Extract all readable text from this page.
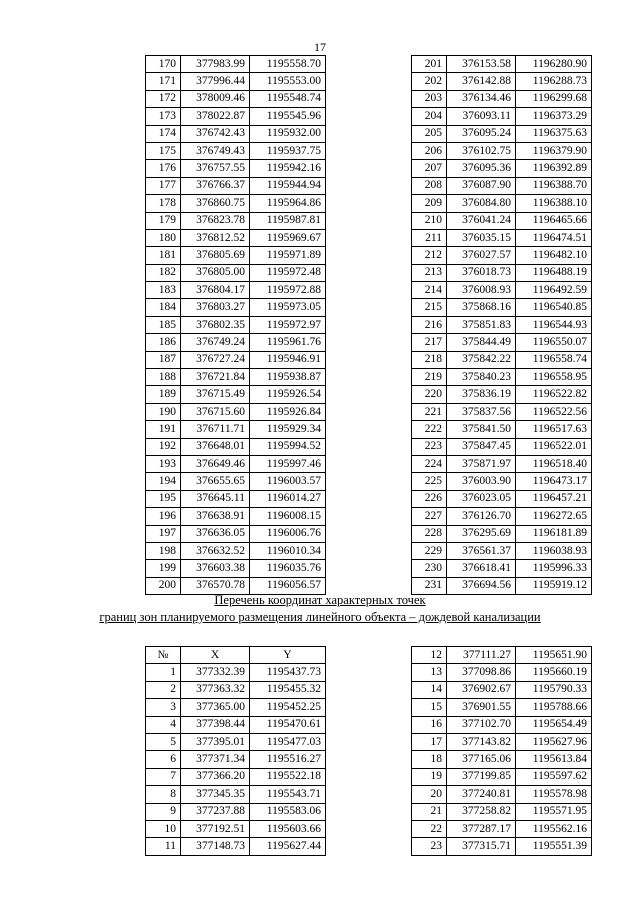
17
170	377983.99	1195558.70
171	377996.44	1195553.00
172	378009.46	1195548.74
173	378022.87	1195545.96
174	376742.43	1195932.00
175	376749.43	1195937.75
176	376757.55	1195942.16
177	376766.37	1195944.94
178	376860.75	1195964.86
179	376823.78	1195987.81
180	376812.52	1195969.67
181	376805.69	1195971.89
182	376805.00	1195972.48
183	376804.17	1195972.88
184	376803.27	1195973.05
185	376802.35	1195972.97
186	376749.24	1195961.76
187	376727.24	1195946.91
188	376721.84	1195938.87
189	376715.49	1195926.54
190	376715.60	1195926.84
191	376711.71	1195929.34
192	376648.01	1195994.52
193	376649.46	1195997.46
194	376655.65	1196003.57
195	376645.11	1196014.27
196	376638.91	1196008.15
197	376636.05	1196006.76
198	376632.52	1196010.34
199	376603.38	1196035.76
200	376570.78	1196056.57
201	376153.58	1196280.90
202	376142.88	1196288.73
203	376134.46	1196299.68
204	376093.11	1196373.29
205	376095.24	1196375.63
206	376102.75	1196379.90
207	376095.36	1196392.89
208	376087.90	1196388.70
209	376084.80	1196388.10
210	376041.24	1196465.66
211	376035.15	1196474.51
212	376027.57	1196482.10
213	376018.73	1196488.19
214	376008.93	1196492.59
215	375868.16	1196540.85
216	375851.83	1196544.93
217	375844.49	1196550.07
218	375842.22	1196558.74
219	375840.23	1196558.95
220	375836.19	1196522.82
221	375837.56	1196522.56
222	375841.50	1196517.63
223	375847.45	1196522.01
224	375871.97	1196518.40
225	376003.90	1196473.17
226	376023.05	1196457.21
227	376126.70	1196272.65
228	376295.69	1196181.89
229	376561.37	1196038.93
230	376618.41	1195996.33
231	376694.56	1195919.12
Перечень координат характерных точек
границ зон планируемого размещения линейного объекта – дождевой канализации
№	X	Y
1	377332.39	1195437.73
2	377363.32	1195455.32
3	377365.00	1195452.25
4	377398.44	1195470.61
5	377395.01	1195477.03
6	377371.34	1195516.27
7	377366.20	1195522.18
8	377345.35	1195543.71
9	377237.88	1195583.06
10	377192.51	1195603.66
11	377148.73	1195627.44
12	377111.27	1195651.90
13	377098.86	1195660.19
14	376902.67	1195790.33
15	376901.55	1195788.66
16	377102.70	1195654.49
17	377143.82	1195627.96
18	377165.06	1195613.84
19	377199.85	1195597.62
20	377240.81	1195578.98
21	377258.82	1195571.95
22	377287.17	1195562.16
23	377315.71	1195551.39
